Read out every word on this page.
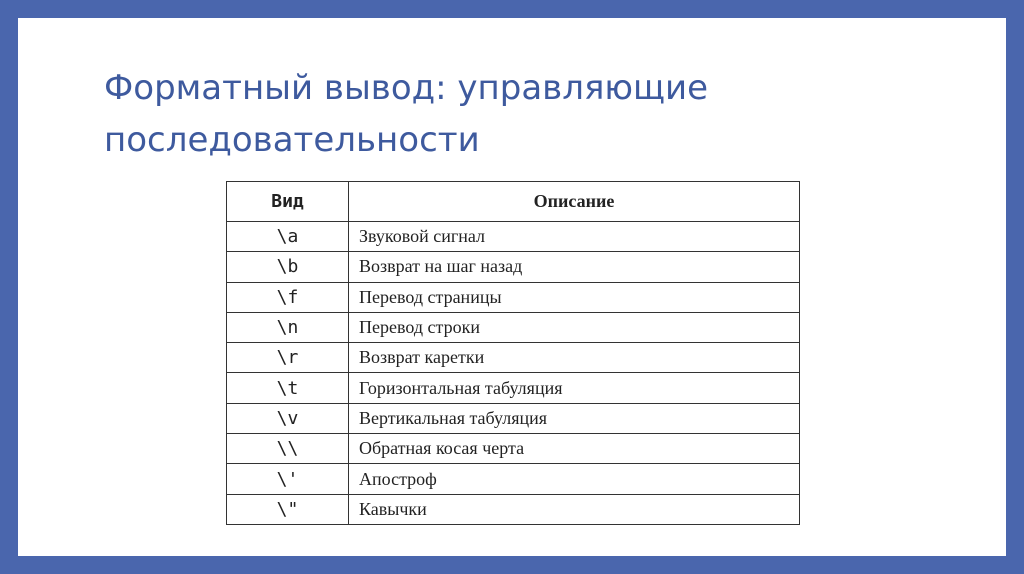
Форматный вывод: управляющие
последовательности
Вид	Описание
\a	Звуковой сигнал
\b	Возврат на шаг назад
\f	Перевод страницы
\n	Перевод строки
\r	Возврат каретки
\t	Горизонтальная табуляция
\v	Вертикальная табуляция
\\	Обратная косая черта
\'	Апостроф
\"	Кавычки
